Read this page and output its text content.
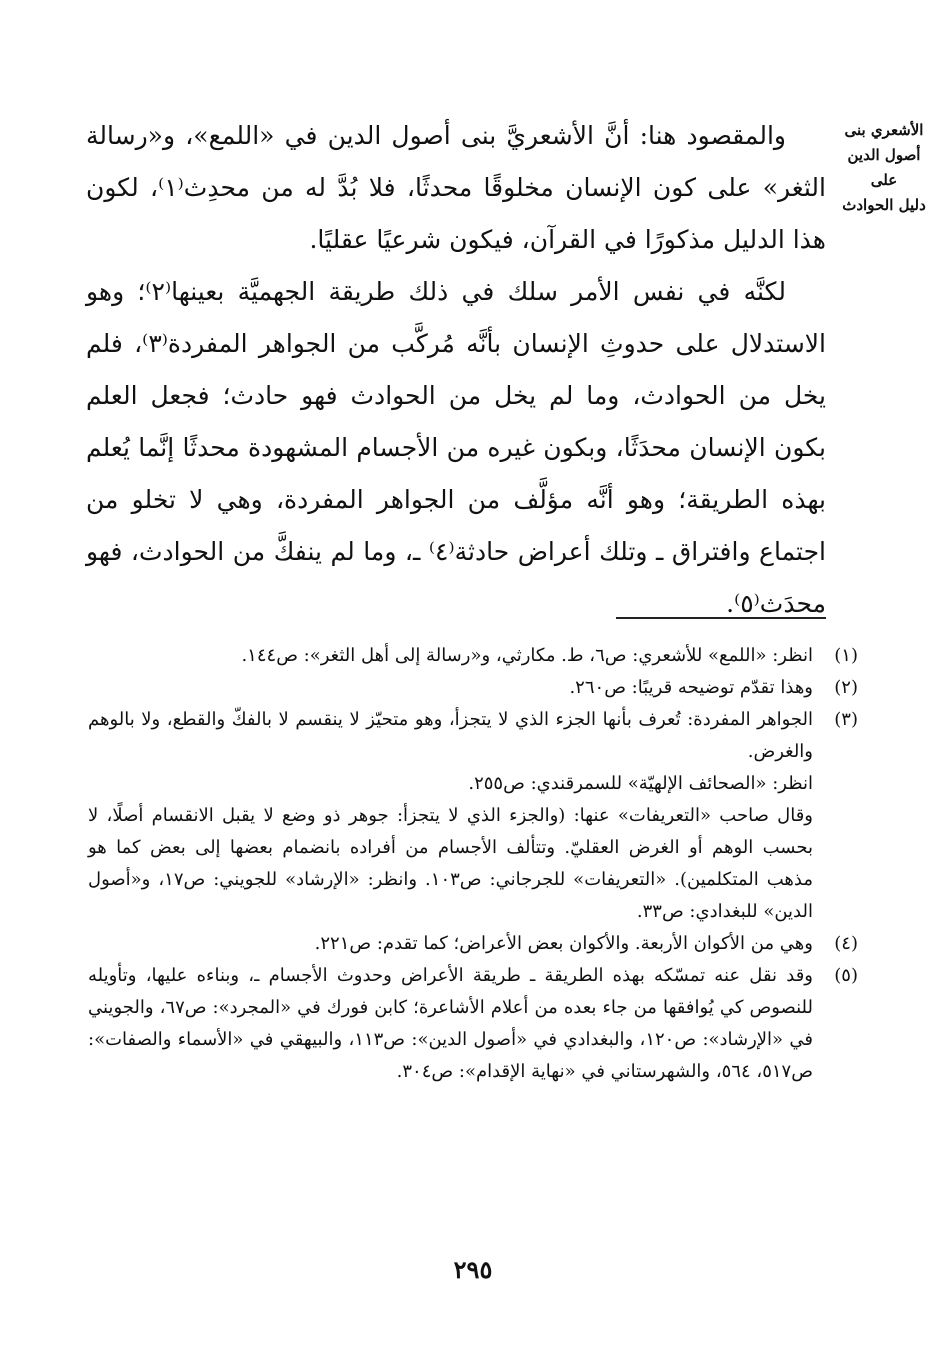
الأشعري بنى
أصول الدين على
دليل الحوادث

والمقصود هنا: أنَّ الأشعريَّ بنى أصول الدين في «اللمع»، و«رسالة الثغر» على كون الإنسان مخلوقًا محدثًا، فلا بُدَّ له من محدِث⁽١⁾، لكون هذا الدليل مذكورًا في القرآن، فيكون شرعيًا عقليًا.

لكنَّه في نفس الأمر سلك في ذلك طريقة الجهميَّة بعينها⁽٢⁾؛ وهو الاستدلال على حدوثِ الإنسان بأنَّه مُركَّب من الجواهر المفردة⁽٣⁾، فلم يخل من الحوادث، وما لم يخل من الحوادث فهو حادث؛ فجعل العلم بكون الإنسان محدَثًا، وبكون غيره من الأجسام المشهودة محدثًا إنَّما يُعلم بهذه الطريقة؛ وهو أنَّه مؤلَّف من الجواهر المفردة، وهي لا تخلو من اجتماع وافتراق ـ وتلك أعراض حادثة⁽٤⁾ ـ، وما لم ينفكَّ من الحوادث، فهو محدَث⁽٥⁾.

(١)
انظر: «اللمع» للأشعري: ص٦، ط. مكارثي، و«رسالة إلى أهل الثغر»: ص١٤٤.
(٢)
وهذا تقدّم توضيحه قريبًا: ص٢٦٠.
(٣)
الجواهر المفردة: تُعرف بأنها الجزء الذي لا يتجزأ، وهو متحيّز لا ينقسم لا بالفكّ والقطع، ولا بالوهم والغرض.
انظر: «الصحائف الإلهيّة» للسمرقندي: ص٢٥٥.
وقال صاحب «التعريفات» عنها: (والجزء الذي لا يتجزأ: جوهر ذو وضع لا يقبل الانقسام أصلًا، لا بحسب الوهم أو الغرض العقليّ. وتتألف الأجسام من أفراده بانضمام بعضها إلى بعض كما هو مذهب المتكلمين). «التعريفات» للجرجاني: ص١٠٣. وانظر: «الإرشاد» للجويني: ص١٧، و«أصول الدين» للبغدادي: ص٣٣.
(٤)
وهي من الأكوان الأربعة. والأكوان بعض الأعراض؛ كما تقدم: ص٢٢١.
(٥)
وقد نقل عنه تمسّكه بهذه الطريقة ـ طريقة الأعراض وحدوث الأجسام ـ، وبناءه عليها، وتأويله للنصوص كي يُوافقها من جاء بعده من أعلام الأشاعرة؛ كابن فورك في «المجرد»: ص٦٧، والجويني في «الإرشاد»: ص١٢٠، والبغدادي في «أصول الدين»: ص١١٣، والبيهقي في «الأسماء والصفات»: ص٥١٧، ٥٦٤، والشهرستاني في «نهاية الإقدام»: ص٣٠٤.
٢٩٥
